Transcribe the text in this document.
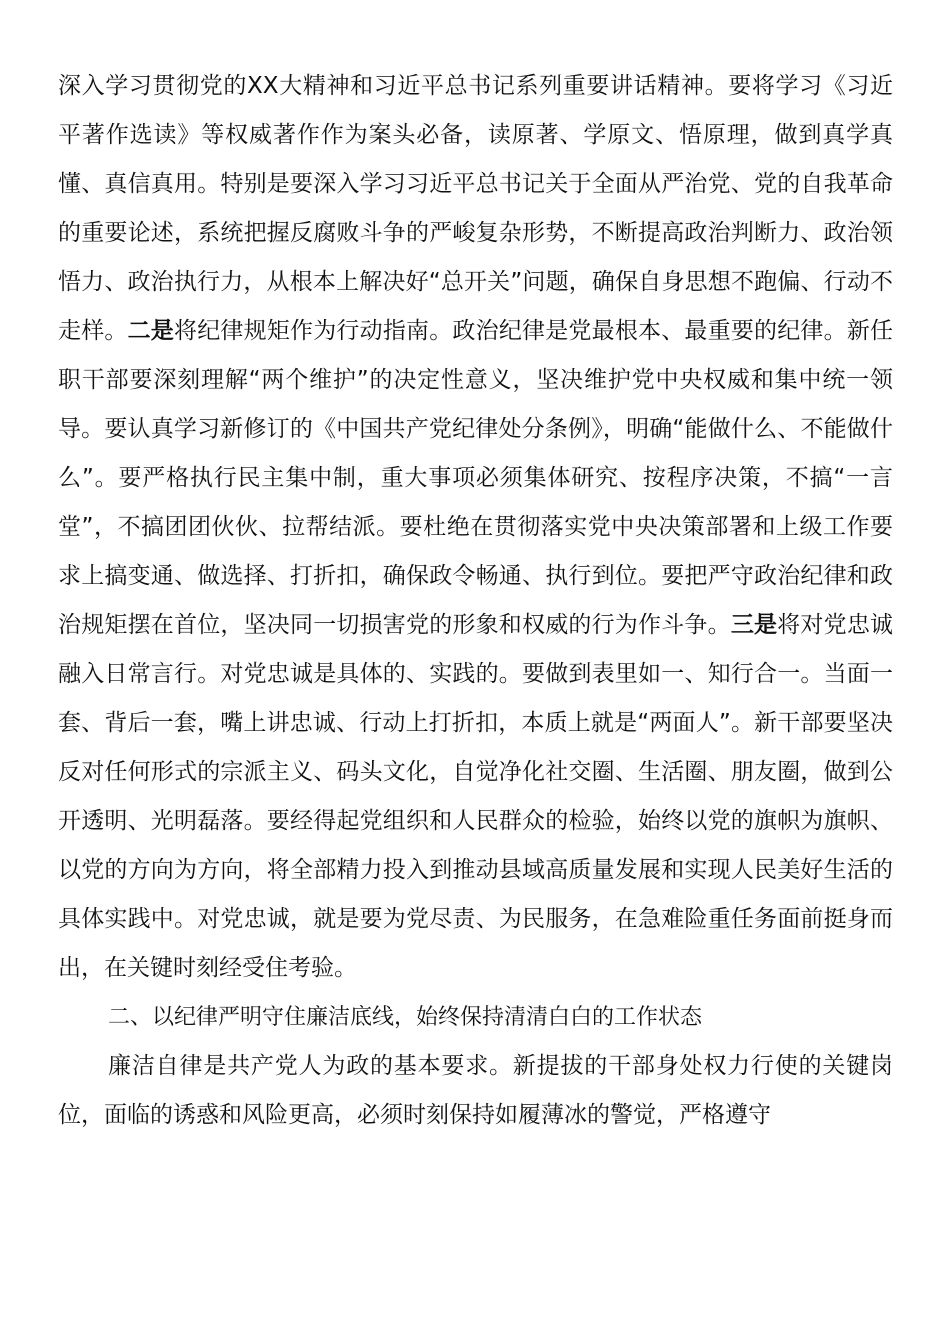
深入学习贯彻党的XX大精神和习近平总书记系列重要讲话精神。要将学习《习近平著作选读》等权威著作作为案头必备，读原著、学原文、悟原理，做到真学真懂、真信真用。特别是要深入学习习近平总书记关于全面从严治党、党的自我革命的重要论述，系统把握反腐败斗争的严峻复杂形势，不断提高政治判断力、政治领悟力、政治执行力，从根本上解决好“总开关”问题，确保自身思想不跑偏、行动不走样。二是将纪律规矩作为行动指南。政治纪律是党最根本、最重要的纪律。新任职干部要深刻理解“两个维护”的决定性意义，坚决维护党中央权威和集中统一领导。要认真学习新修订的《中国共产党纪律处分条例》，明确“能做什么、不能做什么”。要严格执行民主集中制，重大事项必须集体研究、按程序决策，不搞“一言堂”，不搞团团伙伙、拉帮结派。要杜绝在贯彻落实党中央决策部署和上级工作要求上搞变通、做选择、打折扣，确保政令畅通、执行到位。要把严守政治纪律和政治规矩摆在首位，坚决同一切损害党的形象和权威的行为作斗争。三是将对党忠诚融入日常言行。对党忠诚是具体的、实践的。要做到表里如一、知行合一。当面一套、背后一套，嘴上讲忠诚、行动上打折扣，本质上就是“两面人”。新干部要坚决反对任何形式的宗派主义、码头文化，自觉净化社交圈、生活圈、朋友圈，做到公开透明、光明磊落。要经得起党组织和人民群众的检验，始终以党的旗帜为旗帜、以党的方向为方向，将全部精力投入到推动县域高质量发展和实现人民美好生活的具体实践中。对党忠诚，就是要为党尽责、为民服务，在急难险重任务面前挺身而出，在关键时刻经受住考验。

二、以纪律严明守住廉洁底线，始终保持清清白白的工作状态

廉洁自律是共产党人为政的基本要求。新提拔的干部身处权力行使的关键岗位，面临的诱惑和风险更高，必须时刻保持如履薄冰的警觉，严格遵守
